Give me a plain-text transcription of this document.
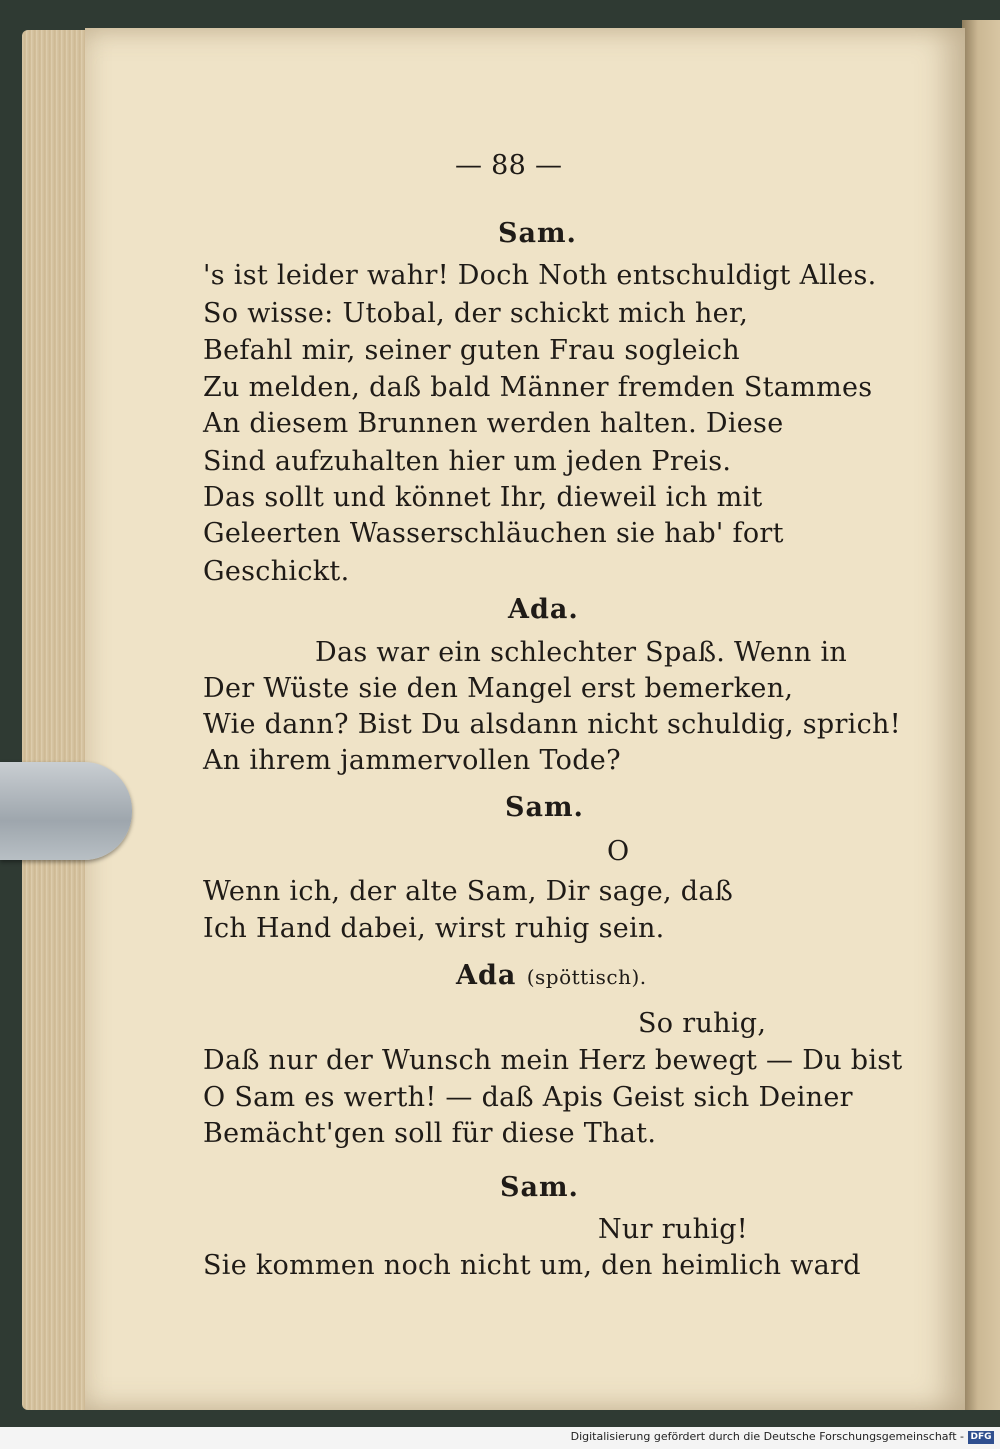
— 88 —
Sam.
's ist leider wahr! Doch Noth entschuldigt Alles.
So wisse: Utobal, der schickt mich her,
Befahl mir, seiner guten Frau sogleich
Zu melden, daß bald Männer fremden Stammes
An diesem Brunnen werden halten. Diese
Sind aufzuhalten hier um jeden Preis.
Das sollt und könnet Ihr, dieweil ich mit
Geleerten Wasserschläuchen sie hab' fort
Geschickt.
Ada.
Das war ein schlechter Spaß. Wenn in
Der Wüste sie den Mangel erst bemerken,
Wie dann? Bist Du alsdann nicht schuldig, sprich!
An ihrem jammervollen Tode?
Sam.
O
Wenn ich, der alte Sam, Dir sage, daß
Ich Hand dabei, wirst ruhig sein.
Ada (spöttisch).
So ruhig,
Daß nur der Wunsch mein Herz bewegt — Du bist
O Sam es werth! — daß Apis Geist sich Deiner
Bemächt'gen soll für diese That.
Sam.
Nur ruhig!
Sie kommen noch nicht um, den heimlich ward
Digitalisierung gefördert durch die Deutsche Forschungsgemeinschaft - DFG
